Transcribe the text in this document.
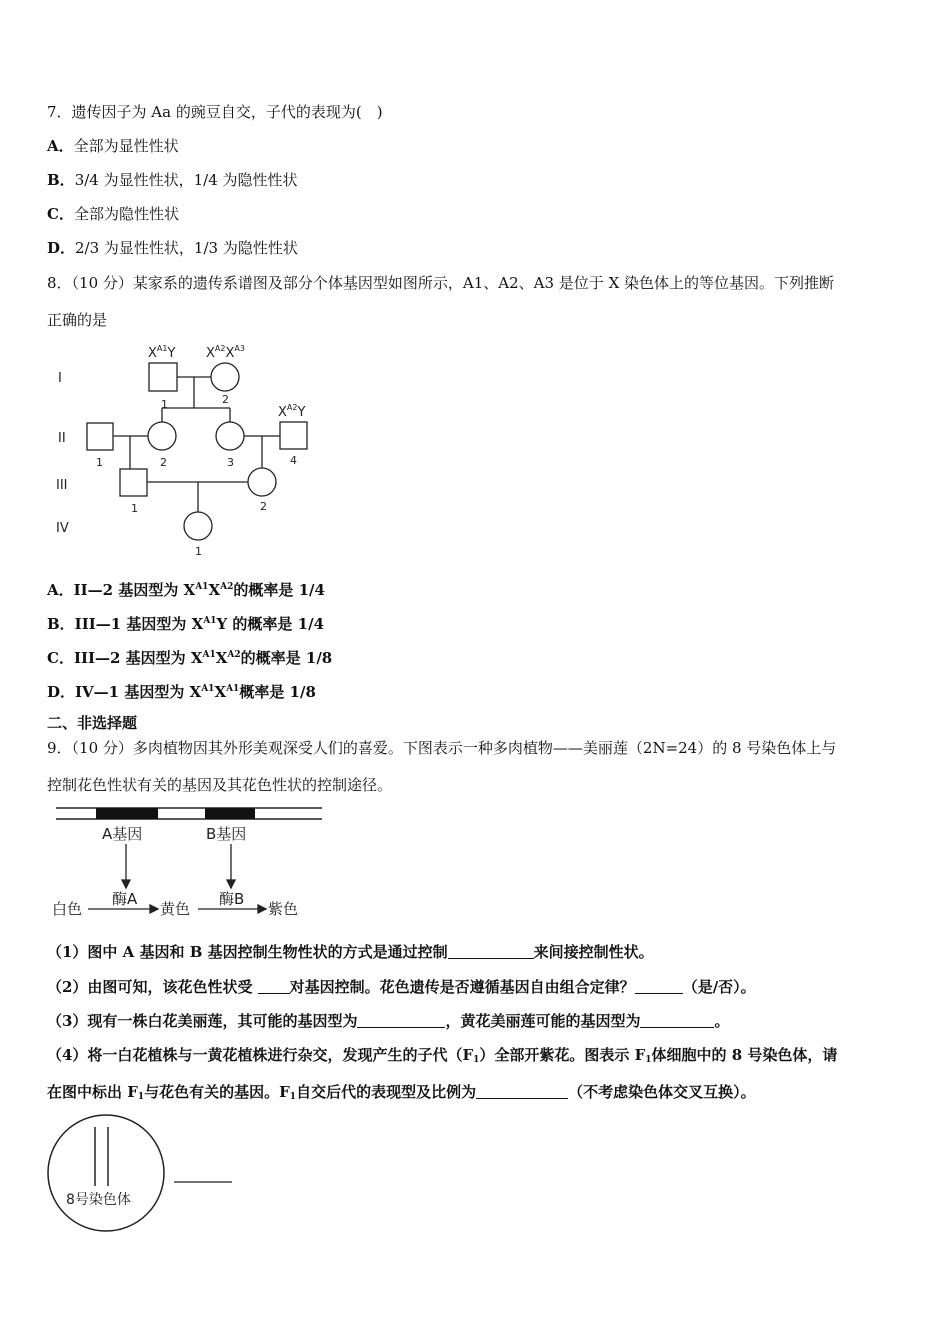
7．遗传因子为 Aa 的豌豆自交，子代的表现为(　)
A．全部为显性性状
B．3/4 为显性性状，1/4 为隐性性状
C．全部为隐性性状
D．2/3 为显性性状，1/3 为隐性性状
8．（10 分）某家系的遗传系谱图及部分个体基因型如图所示，A1、A2、A3 是位于 X 染色体上的等位基因。下列推断
正确的是
I
II
III
IV
$X^{A1}Y$ $X^{A2}X^{A3}$
$X^{A2}Y$
1	2
1	2	3	4
1	2
1
A．II—2 基因型为 $X^{A1}X^{A2}$的概率是 1/4
B．III—1 基因型为 $X^{A1}Y$ 的概率是 1/4
C．III—2 基因型为 $X^{A1}X^{A2}$的概率是 1/8
D．IV—1 基因型为 $X^{A1}X^{A1}$概率是 1/8
二、非选择题
9．（10 分）多肉植物因其外形美观深受人们的喜爱。下图表示一种多肉植物——美丽莲（2N=24）的 8 号染色体上与
控制花色性状有关的基因及其花色性状的控制途径。
A基因	B基因
酶A	酶B
白色	黄色	紫色
（1）图中 A 基因和 B 基因控制生物性状的方式是通过控制	来间接控制性状。
（2）由图可知，该花色性状受 对基因控制。花色遗传是否遵循基因自由组合定律？	（是/否）。
（3）现有一株白花美丽莲，其可能的基因型为	，黄花美丽莲可能的基因型为	。
（4）将一白花植株与一黄花植株进行杂交，发现产生的子代$(F_1)$全部开紫花。图表示 $F_1$体细胞中的 8 号染色体，请
在图中标出 $F_1$与花色有关的基因。$F_1$自交后代的表现型及比例为	（不考虑染色体交叉互换）。
8号染色体
